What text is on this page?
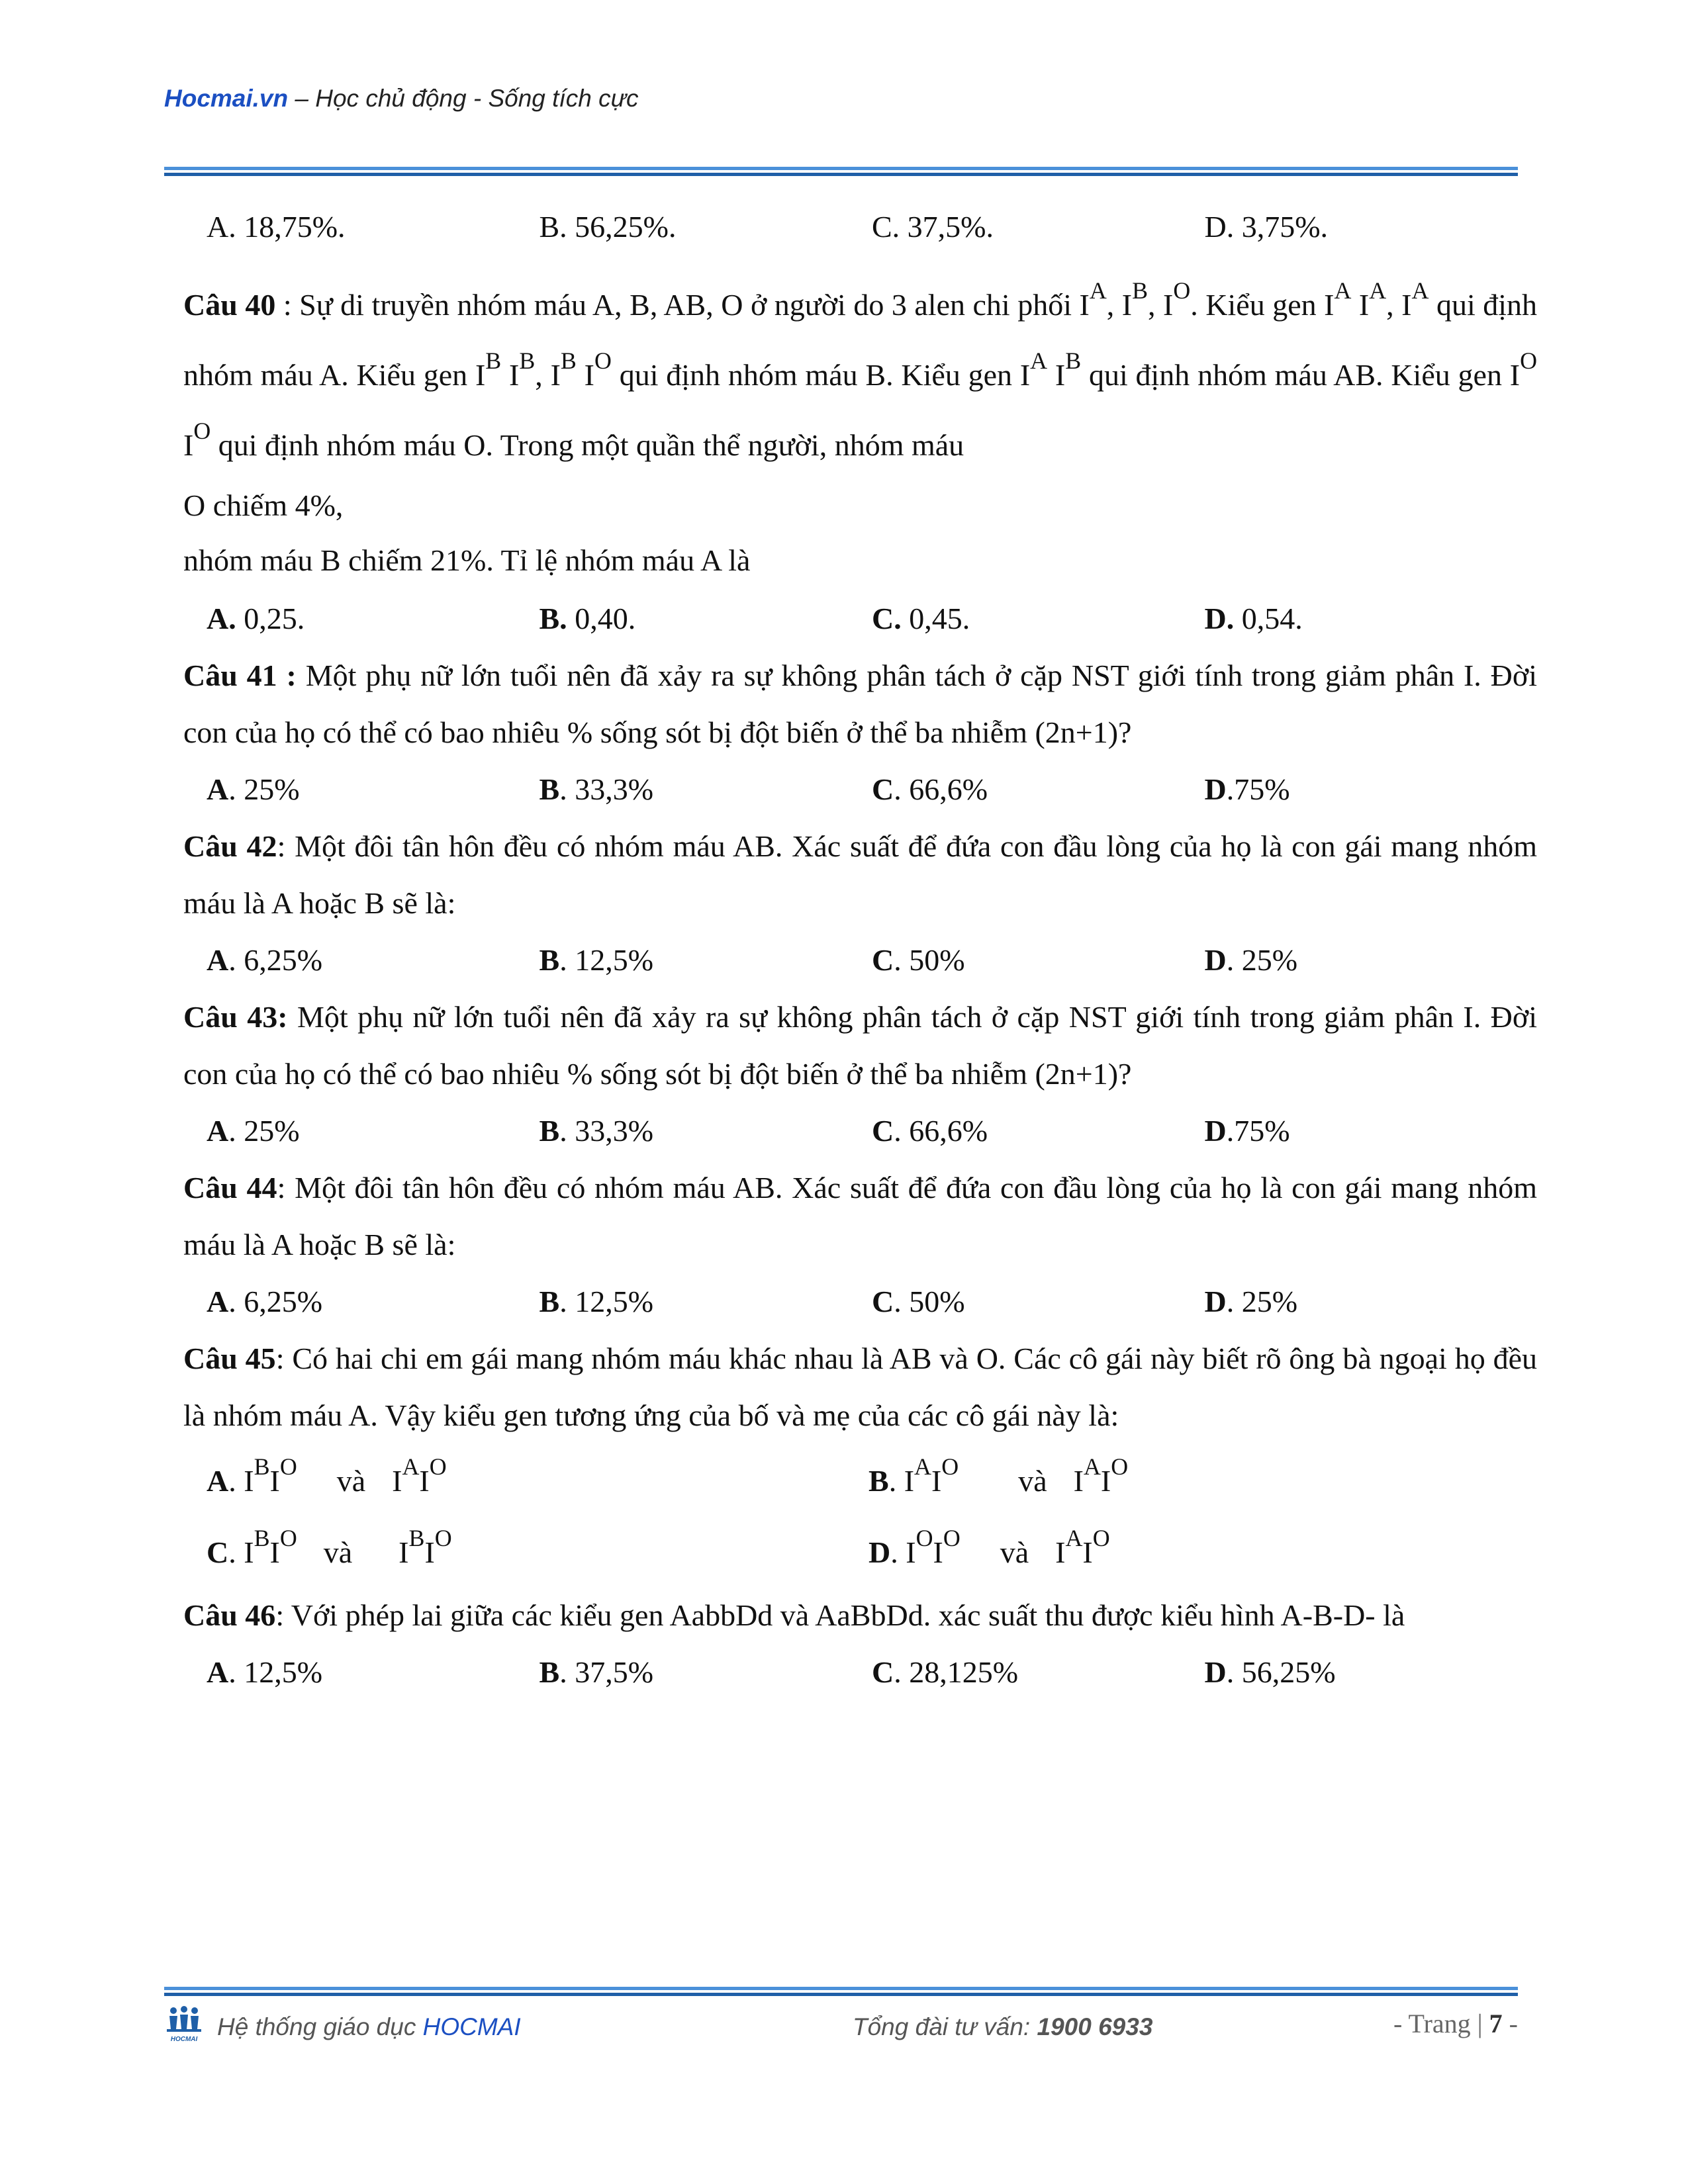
Hocmai.vn – Học chủ động - Sống tích cực
A. 18,75%.	B. 56,25%.	C. 37,5%.	D. 3,75%.
Câu 40 : Sự di truyền nhóm máu A, B, AB, O ở người do 3 alen chi phối $I^A$, $I^B$, $I^O$. Kiểu gen $I^A$ $I^A$, $I^A$ qui định nhóm máu A. Kiểu gen $I^B$ $I^B$, $I^B$ $I^O$ qui định nhóm máu B. Kiểu gen $I^A$ $I^B$ qui định nhóm máu AB. Kiểu gen $I^O$ $I^O$ qui định nhóm máu O. Trong một quần thể người, nhóm máu
O chiếm 4%,
nhóm máu B chiếm 21%. Tỉ lệ nhóm máu A là
A. 0,25.	B. 0,40.	C. 0,45.	D. 0,54.
Câu 41 : Một phụ nữ lớn tuổi nên đã xảy ra sự không phân tách ở cặp NST giới tính trong giảm phân I. Đời con của họ có thể có bao nhiêu % sống sót bị đột biến ở thể ba nhiễm (2n+1)?
A. 25%	B. 33,3%	C. 66,6%	D.75%
Câu 42: Một đôi tân hôn đều có nhóm máu AB. Xác suất để đứa con đầu lòng của họ là con gái mang nhóm máu là A hoặc B sẽ là:
A. 6,25%	B. 12,5%	C. 50%	D. 25%
Câu 43: Một phụ nữ lớn tuổi nên đã xảy ra sự không phân tách ở cặp NST giới tính trong giảm phân I. Đời con của họ có thể có bao nhiêu % sống sót bị đột biến ở thể ba nhiễm (2n+1)?
A. 25%	B. 33,3%	C. 66,6%	D.75%
Câu 44: Một đôi tân hôn đều có nhóm máu AB. Xác suất để đứa con đầu lòng của họ là con gái mang nhóm máu là A hoặc B sẽ là:
A. 6,25%	B. 12,5%	C. 50%	D. 25%
Câu 45: Có hai chi em gái mang nhóm máu khác nhau là AB và O. Các cô gái này biết rõ ông bà ngoại họ đều là nhóm máu A. Vậy kiểu gen tương ứng của bố và mẹ của các cô gái này là:
A. $I^BI^O$ và $I^AI^O$	B. $I^AI^O$ và $I^AI^O$
C. $I^BI^O$ và $I^BI^O$	D. $I^OI^O$ và $I^AI^O$
Câu 46: Với phép lai giữa các kiểu gen AabbDd và AaBbDd. xác suất thu được kiểu hình A-B-D- là
A. 12,5%	B. 37,5%	C. 28,125%	D. 56,25%
HOCMAI Hệ thống giáo dục HOCMAI	Tổng đài tư vấn: 1900 6933	- Trang | 7 -
